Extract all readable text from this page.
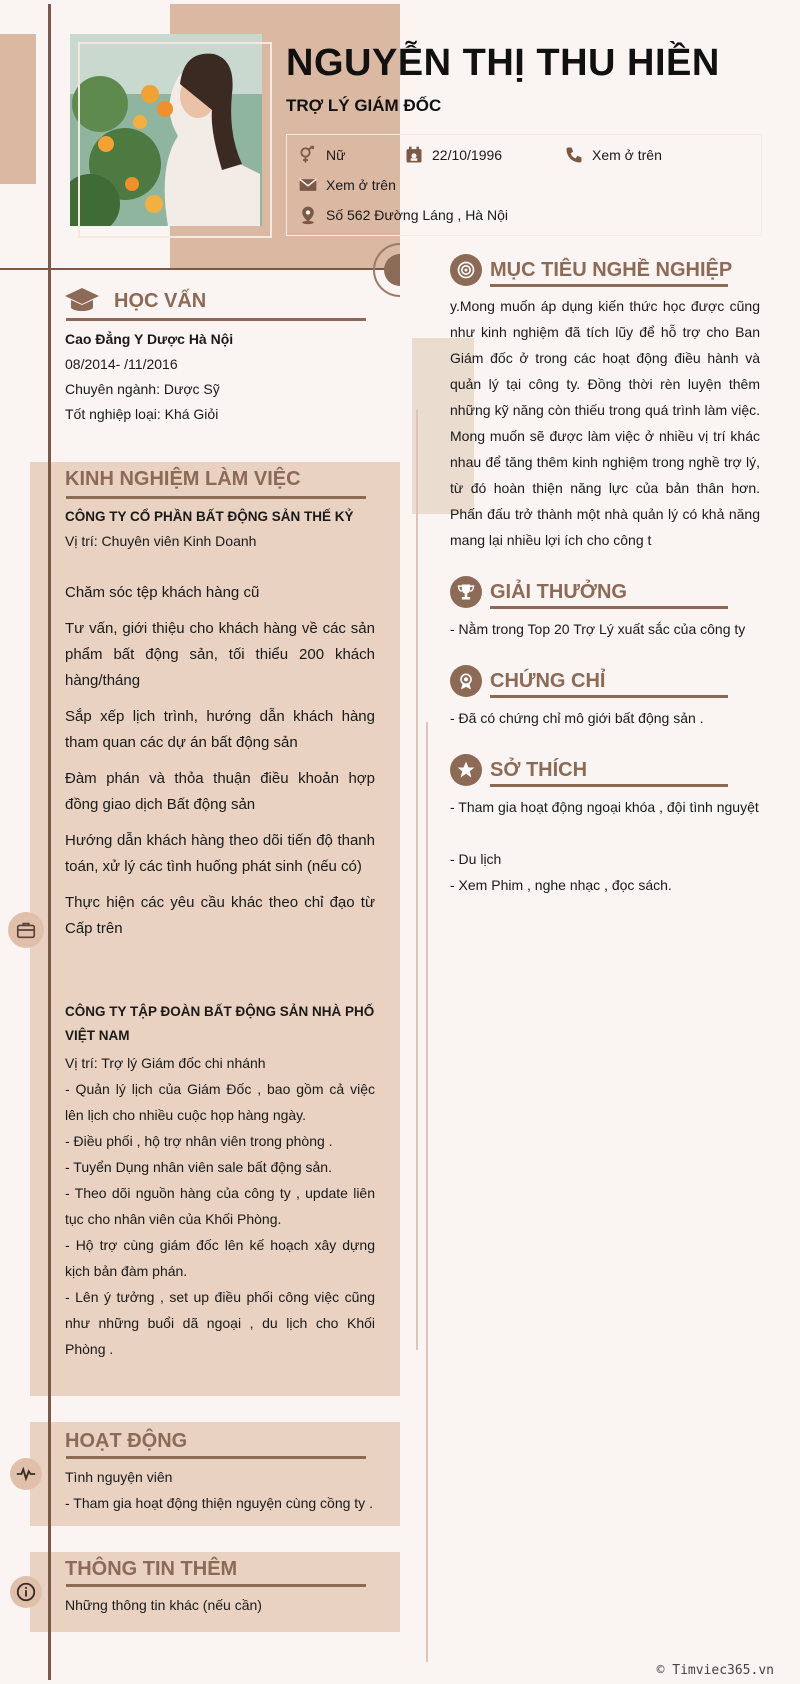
NGUYỄN THỊ THU HIỀN
TRỢ LÝ GIÁM ĐỐC
Nữ	22/10/1996	Xem ở trên
Xem ở trên
Số 562 Đường Láng , Hà Nội
HỌC VẤN
Cao Đẳng Y Dược Hà Nội
08/2014- /11/2016
Chuyên ngành: Dược Sỹ
Tốt nghiệp loại: Khá Giỏi
KINH NGHIỆM LÀM VIỆC
CÔNG TY CỔ PHẦN BẤT ĐỘNG SẢN THẾ KỶ
Vị trí: Chuyên viên Kinh Doanh
Chăm sóc tệp khách hàng cũ
Tư vấn, giới thiệu cho khách hàng về các sản phẩm bất động sản, tối thiểu 200 khách hàng/tháng
Sắp xếp lịch trình, hướng dẫn khách hàng tham quan các dự án bất động sản
Đàm phán và thỏa thuận điều khoản hợp đồng giao dịch Bất động sản
Hướng dẫn khách hàng theo dõi tiến độ thanh toán, xử lý các tình huống phát sinh (nếu có)
Thực hiện các yêu cầu khác theo chỉ đạo từ Cấp trên
CÔNG TY TẬP ĐOÀN BẤT ĐỘNG SẢN NHÀ PHỐ VIỆT NAM
Vị trí: Trợ lý Giám đốc chi nhánh
- Quản lý lịch của Giám Đốc , bao gồm cả việc lên lịch cho nhiều cuộc họp hàng ngày.
- Điều phối , hộ trợ nhân viên trong phòng .
- Tuyển Dụng nhân viên sale bất động sản.
- Theo dõi nguồn hàng của công ty , update liên tục cho nhân viên của Khối Phòng.
- Hộ trợ cùng giám đốc lên kế hoạch xây dựng kịch bản đàm phán.
- Lên ý tưởng , set up điều phối công việc cũng như những buổi dã ngoại , du lịch cho Khối Phòng .
HOẠT ĐỘNG
Tình nguyện viên
- Tham gia hoạt động thiện nguyện cùng cồng ty .
THÔNG TIN THÊM
Những thông tin khác (nếu cần)
MỤC TIÊU NGHỀ NGHIỆP
y.Mong muốn áp dụng kiến thức học được cũng như kinh nghiệm đã tích lũy để hỗ trợ cho Ban Giám đốc ở trong các hoạt động điều hành và quản lý tại công ty. Đồng thời rèn luyện thêm những kỹ năng còn thiếu trong quá trình làm việc. Mong muốn sẽ được làm việc ở nhiều vị trí khác nhau để tăng thêm kinh nghiệm trong nghề trợ lý, từ đó hoàn thiện năng lực của bản thân hơn. Phấn đấu trở thành một nhà quản lý có khả năng mang lại nhiều lợi ích cho công t
GIẢI THƯỞNG
- Nằm trong Top 20 Trợ Lý xuất sắc của công ty
CHỨNG CHỈ
- Đã có chứng chỉ mô giới bất động sản .
SỞ THÍCH
- Tham gia hoạt động ngoại khóa , đội tình nguyệt
- Du lịch
- Xem Phim , nghe nhạc , đọc sách.
© Timviec365.vn
